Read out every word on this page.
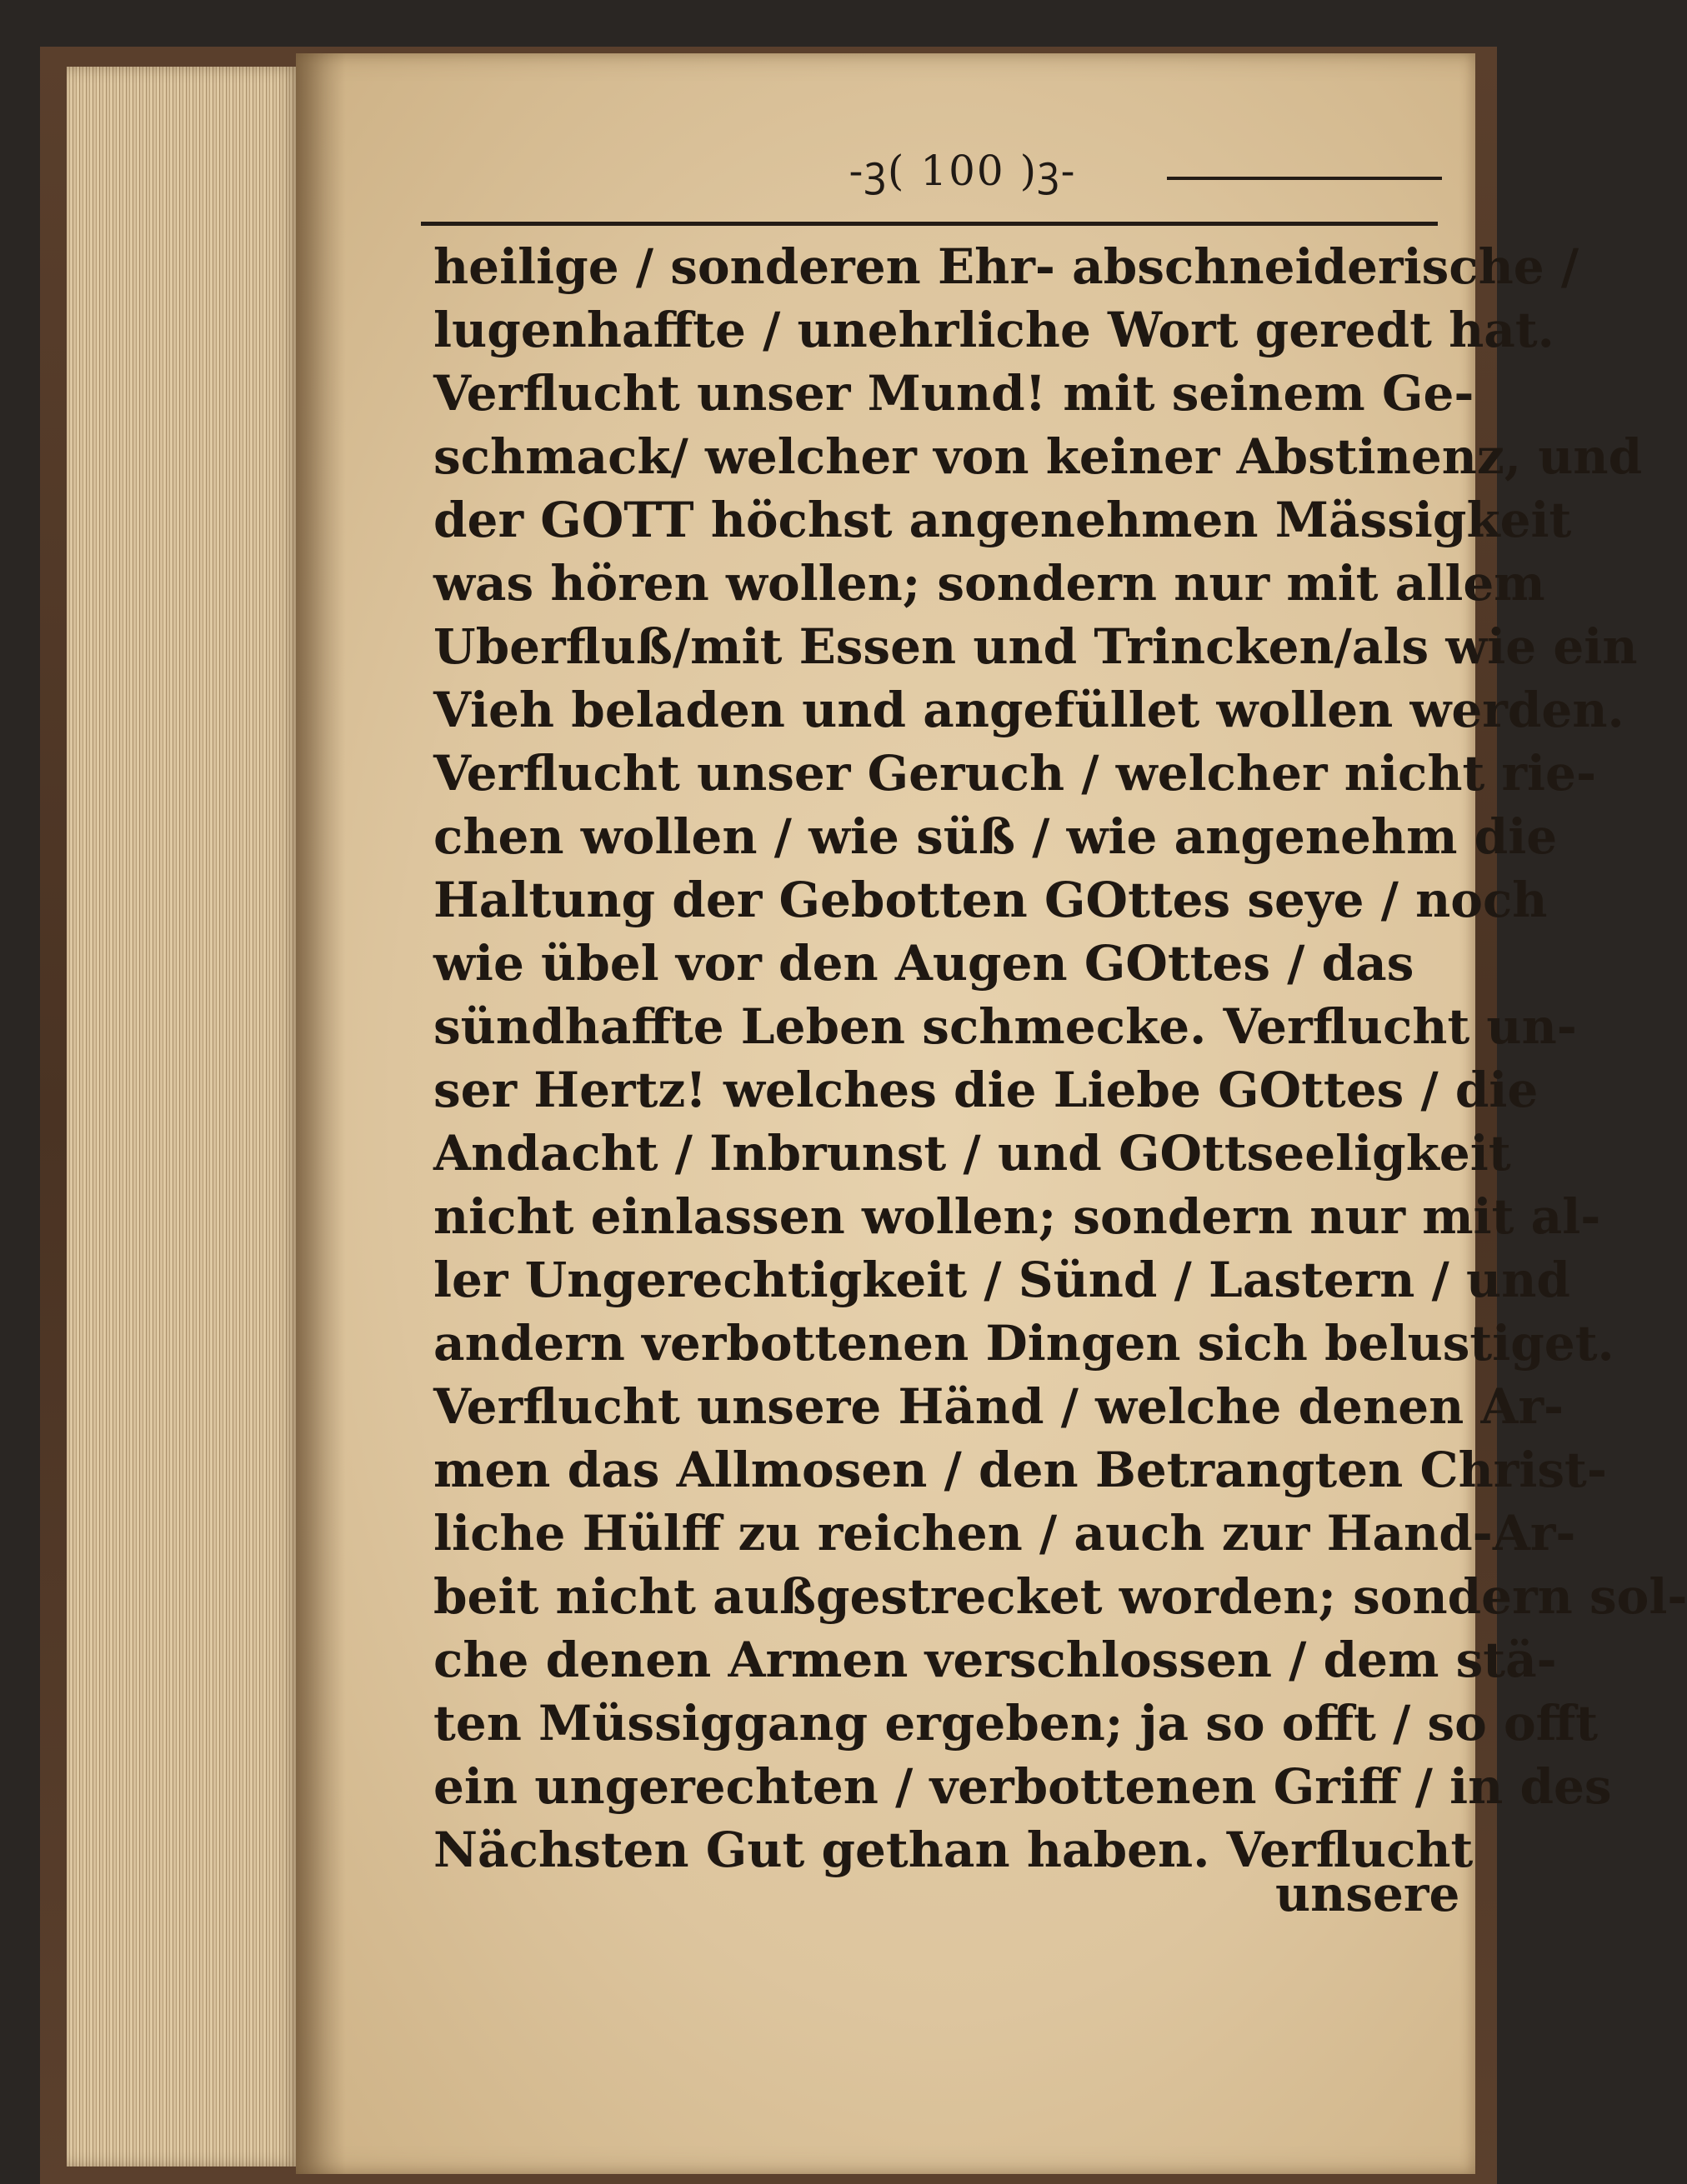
-ꝫ( 100 )ꝫ-
heilige / sonderen Ehr- abschneiderische /
lugenhaffte / unehrliche Wort geredt hat.
Verflucht unser Mund! mit seinem Ge-
schmack/ welcher von keiner Abstinenz, und
der GOTT höchst angenehmen Mässigkeit
was hören wollen; sondern nur mit allem
Uberfluß/mit Essen und Trincken/als wie ein
Vieh beladen und angefüllet wollen werden.
Verflucht unser Geruch / welcher nicht rie-
chen wollen / wie süß / wie angenehm die
Haltung der Gebotten GOttes seye / noch
wie übel vor den Augen GOttes / das
sündhaffte Leben schmecke. Verflucht un-
ser Hertz! welches die Liebe GOttes / die
Andacht / Inbrunst / und GOttseeligkeit
nicht einlassen wollen; sondern nur mit al-
ler Ungerechtigkeit / Sünd / Lastern / und
andern verbottenen Dingen sich belustiget.
Verflucht unsere Händ / welche denen Ar-
men das Allmosen / den Betrangten Christ-
liche Hülff zu reichen / auch zur Hand-Ar-
beit nicht außgestrecket worden; sondern sol-
che denen Armen verschlossen / dem stä-
ten Müssiggang ergeben; ja so offt / so offt
ein ungerechten / verbottenen Griff / in des
Nächsten Gut gethan haben. Verflucht
unsere
